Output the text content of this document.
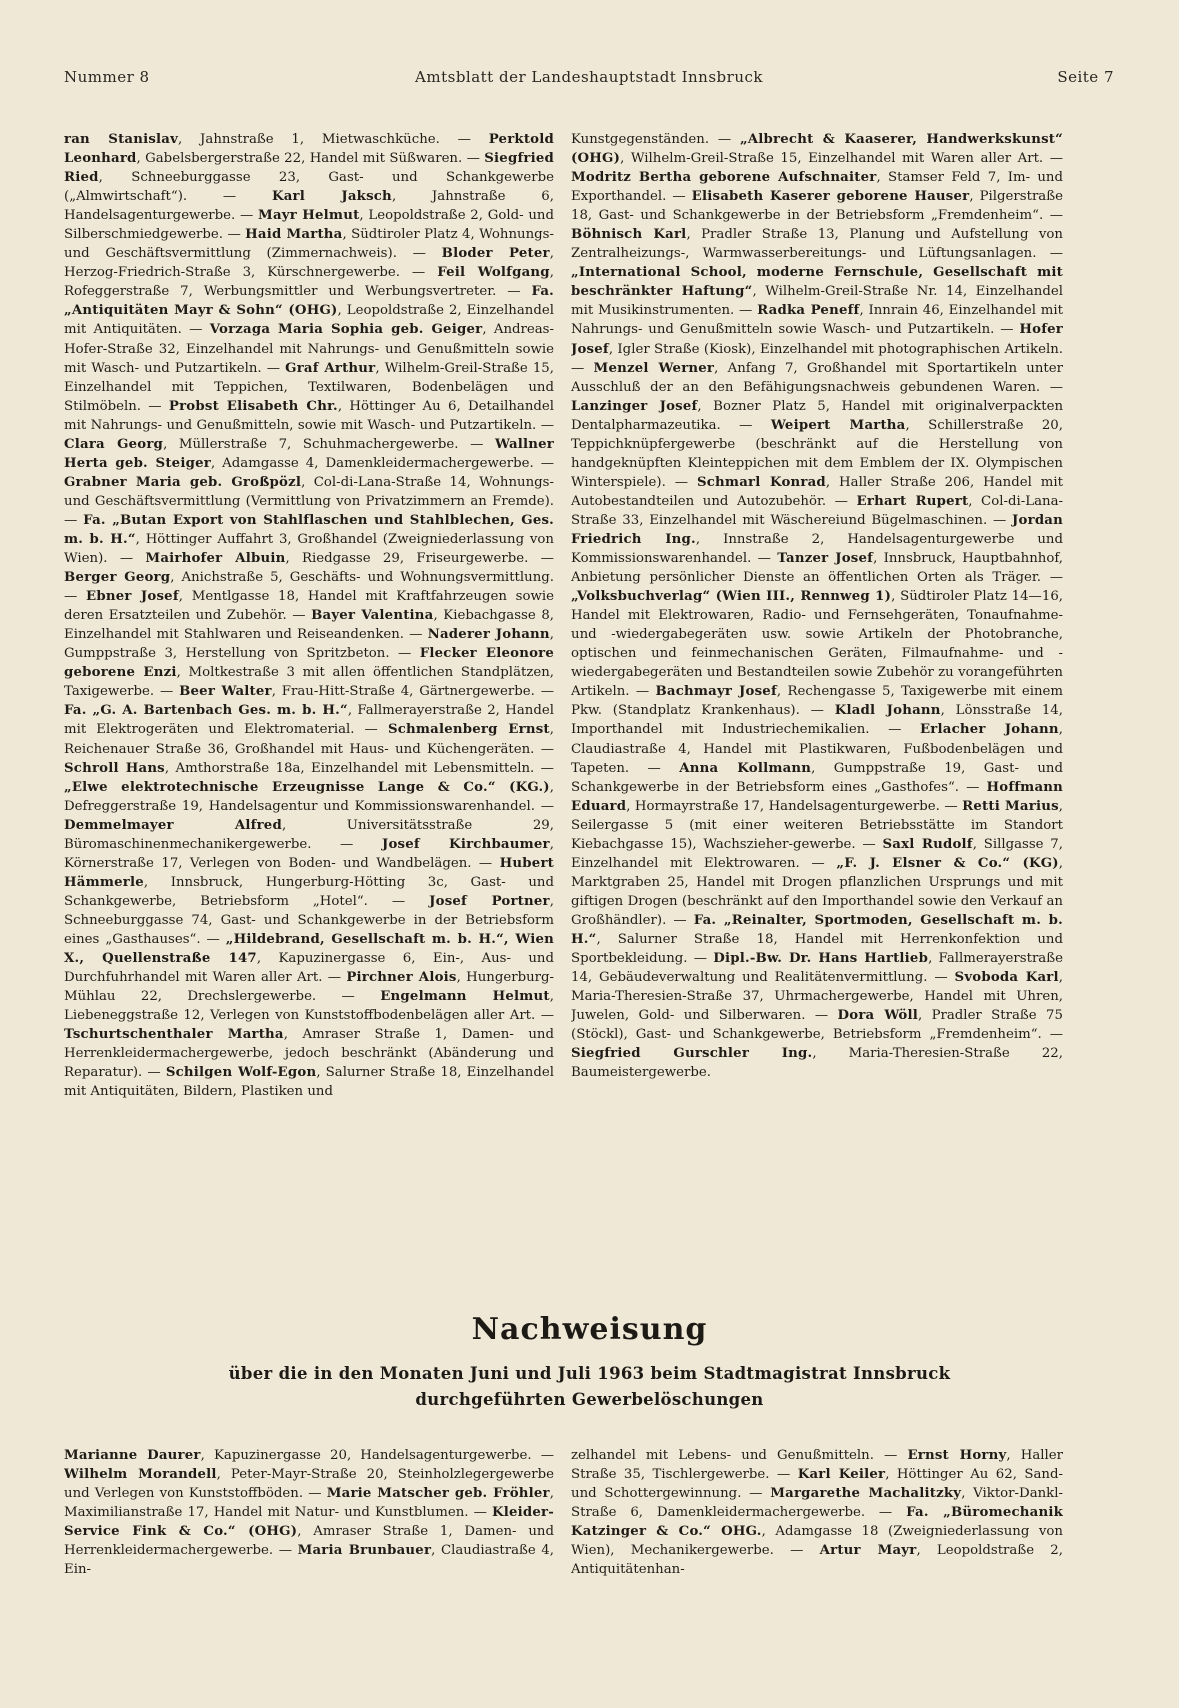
Amtsblatt der Landeshauptstadt Innsbruck
Nummer 8	Seite 7

ran Stanislav, Jahnstraße 1, Mietwaschküche. — Perktold Leonhard, Gabelsbergerstraße 22, Handel mit Süßwaren. — Siegfried Ried, Schneeburggasse 23, Gast- und Schankgewerbe („Almwirtschaft“). — Karl Jaksch, Jahnstraße 6, Handelsagenturgewerbe. — Mayr Helmut, Leopoldstraße 2, Gold- und Silberschmiedgewerbe. — Haid Martha, Südtiroler Platz 4, Wohnungs- und Geschäftsvermittlung (Zimmernachweis). — Bloder Peter, Herzog-Friedrich-Straße 3, Kürschnergewerbe. — Feil Wolfgang, Rofeggerstraße 7, Werbungsmittler und Werbungsvertreter. — Fa. „Antiquitäten Mayr & Sohn“ (OHG), Leopoldstraße 2, Einzelhandel mit Antiquitäten. — Vorzaga Maria Sophia geb. Geiger, Andreas-Hofer-Straße 32, Einzelhandel mit Nahrungs- und Genußmitteln sowie mit Wasch- und Putzartikeln. — Graf Arthur, Wilhelm-Greil-Straße 15, Einzelhandel mit Teppichen, Textilwaren, Bodenbelägen und Stilmöbeln. — Probst Elisabeth Chr., Höttinger Au 6, Detailhandel mit Nahrungs- und Genußmitteln, sowie mit Wasch- und Putzartikeln. — Clara Georg, Müllerstraße 7, Schuhmachergewerbe. — Wallner Herta geb. Steiger, Adamgasse 4, Damenkleidermachergewerbe. — Grabner Maria geb. Großpözl, Col-di-Lana-Straße 14, Wohnungs- und Geschäftsvermittlung (Vermittlung von Privatzimmern an Fremde). — Fa. „Butan Export von Stahlflaschen und Stahlblechen, Ges. m. b. H.“, Höttinger Auffahrt 3, Großhandel (Zweigniederlassung von Wien). — Mairhofer Albuin, Riedgasse 29, Friseurgewerbe. — Berger Georg, Anichstraße 5, Geschäfts- und Wohnungsvermittlung. — Ebner Josef, Mentlgasse 18, Handel mit Kraftfahrzeugen sowie deren Ersatzteilen und Zubehör. — Bayer Valentina, Kiebachgasse 8, Einzelhandel mit Stahlwaren und Reiseandenken. — Naderer Johann, Gumppstraße 3, Herstellung von Spritzbeton. — Flecker Eleonore geborene Enzi, Moltkestraße 3 mit allen öffentlichen Standplätzen, Taxigewerbe. — Beer Walter, Frau-Hitt-Straße 4, Gärtnergewerbe. — Fa. „G. A. Bartenbach Ges. m. b. H.“, Fallmerayerstraße 2, Handel mit Elektrogeräten und Elektromaterial. — Schmalenberg Ernst, Reichenauer Straße 36, Großhandel mit Haus- und Küchengeräten. — Schroll Hans, Amthorstraße 18a, Einzelhandel mit Lebensmitteln. — „Elwe elektrotechnische Erzeugnisse Lange & Co.“ (KG.), Defreggerstraße 19, Handelsagentur und Kommissionswarenhandel. — Demmelmayer Alfred, Universitätsstraße 29, Büromaschinenmechanikergewerbe. — Josef Kirchbaumer, Körnerstraße 17, Verlegen von Boden- und Wandbelägen. — Hubert Hämmerle, Innsbruck, Hungerburg-Hötting 3c, Gast- und Schankgewerbe, Betriebsform „Hotel“. — Josef Portner, Schneeburggasse 74, Gast- und Schankgewerbe in der Betriebsform eines „Gasthauses“. — „Hildebrand, Gesellschaft m. b. H.“, Wien X., Quellenstraße 147, Kapuzinergasse 6, Ein-, Aus- und Durchfuhrhandel mit Waren aller Art. — Pirchner Alois, Hungerburg-Mühlau 22, Drechslergewerbe. — Engelmann Helmut, Liebeneggstraße 12, Verlegen von Kunststoffbodenbelägen aller Art. — Tschurtschenthaler Martha, Amraser Straße 1, Damen- und Herrenkleidermachergewerbe, jedoch beschränkt (Abänderung und Reparatur). — Schilgen Wolf-Egon, Salurner Straße 18, Einzelhandel mit Antiquitäten, Bildern, Plastiken und

Kunstgegenständen. — „Albrecht & Kaaserer, Handwerkskunst“ (OHG), Wilhelm-Greil-Straße 15, Einzelhandel mit Waren aller Art. — Modritz Bertha geborene Aufschnaiter, Stamser Feld 7, Im- und Exporthandel. — Elisabeth Kaserer geborene Hauser, Pilgerstraße 18, Gast- und Schankgewerbe in der Betriebsform „Fremdenheim“. — Böhnisch Karl, Pradler Straße 13, Planung und Aufstellung von Zentralheizungs-, Warmwasserbereitungs- und Lüftungsanlagen. — „International School, moderne Fernschule, Gesellschaft mit beschränkter Haftung“, Wilhelm-Greil-Straße Nr. 14, Einzelhandel mit Musikinstrumenten. — Radka Peneff, Innrain 46, Einzelhandel mit Nahrungs- und Genußmitteln sowie Wasch- und Putzartikeln. — Hofer Josef, Igler Straße (Kiosk), Einzelhandel mit photographischen Artikeln. — Menzel Werner, Anfang 7, Großhandel mit Sportartikeln unter Ausschluß der an den Befähigungsnachweis gebundenen Waren. — Lanzinger Josef, Bozner Platz 5, Handel mit originalverpackten Dentalpharmazeutika. — Weipert Martha, Schillerstraße 20, Teppichknüpfergewerbe (beschränkt auf die Herstellung von handgeknüpften Kleinteppichen mit dem Emblem der IX. Olympischen Winterspiele). — Schmarl Konrad, Haller Straße 206, Handel mit Autobestandteilen und Autozubehör. — Erhart Rupert, Col-di-Lana-Straße 33, Einzelhandel mit Wäschereiund Bügelmaschinen. — Jordan Friedrich Ing., Innstraße 2, Handelsagenturgewerbe und Kommissionswarenhandel. — Tanzer Josef, Innsbruck, Hauptbahnhof, Anbietung persönlicher Dienste an öffentlichen Orten als Träger. — „Volksbuchverlag“ (Wien III., Rennweg 1), Südtiroler Platz 14—16, Handel mit Elektrowaren, Radio- und Fernsehgeräten, Tonaufnahme- und -wiedergabegeräten usw. sowie Artikeln der Photobranche, optischen und feinmechanischen Geräten, Filmaufnahme- und -wiedergabegeräten und Bestandteilen sowie Zubehör zu vorangeführten Artikeln. — Bachmayr Josef, Rechengasse 5, Taxigewerbe mit einem Pkw. (Standplatz Krankenhaus). — Kladl Johann, Lönsstraße 14, Importhandel mit Industriechemikalien. — Erlacher Johann, Claudiastraße 4, Handel mit Plastikwaren, Fußbodenbelägen und Tapeten. — Anna Kollmann, Gumppstraße 19, Gast- und Schankgewerbe in der Betriebsform eines „Gasthofes“. — Hoffmann Eduard, Hormayrstraße 17, Handelsagenturgewerbe. — Retti Marius, Seilergasse 5 (mit einer weiteren Betriebsstätte im Standort Kiebachgasse 15), Wachszieher-gewerbe. — Saxl Rudolf, Sillgasse 7, Einzelhandel mit Elektrowaren. — „F. J. Elsner & Co.“ (KG), Marktgraben 25, Handel mit Drogen pflanzlichen Ursprungs und mit giftigen Drogen (beschränkt auf den Importhandel sowie den Verkauf an Großhändler). — Fa. „Reinalter, Sportmoden, Gesellschaft m. b. H.“, Salurner Straße 18, Handel mit Herrenkonfektion und Sportbekleidung. — Dipl.-Bw. Dr. Hans Hartlieb, Fallmerayerstraße 14, Gebäudeverwaltung und Realitätenvermittlung. — Svoboda Karl, Maria-Theresien-Straße 37, Uhrmachergewerbe, Handel mit Uhren, Juwelen, Gold- und Silberwaren. — Dora Wöll, Pradler Straße 75 (Stöckl), Gast- und Schankgewerbe, Betriebsform „Fremdenheim“. — Siegfried Gurschler Ing., Maria-Theresien-Straße 22, Baumeistergewerbe.

Nachweisung
über die in den Monaten Juni und Juli 1963 beim Stadtmagistrat Innsbruck
durchgeführten Gewerbelöschungen

Marianne Daurer, Kapuzinergasse 20, Handelsagenturgewerbe. — Wilhelm Morandell, Peter-Mayr-Straße 20, Steinholzlegergewerbe und Verlegen von Kunststoffböden. — Marie Matscher geb. Fröhler, Maximilianstraße 17, Handel mit Natur- und Kunstblumen. — Kleider-Service Fink & Co.“ (OHG), Amraser Straße 1, Damen- und Herrenkleidermachergewerbe. — Maria Brunbauer, Claudiastraße 4, Ein-

zelhandel mit Lebens- und Genußmitteln. — Ernst Horny, Haller Straße 35, Tischlergewerbe. — Karl Keiler, Höttinger Au 62, Sand- und Schottergewinnung. — Margarethe Machalitzky, Viktor-Dankl-Straße 6, Damenkleidermachergewerbe. — Fa. „Büromechanik Katzinger & Co.“ OHG., Adamgasse 18 (Zweigniederlassung von Wien), Mechanikergewerbe. — Artur Mayr, Leopoldstraße 2, Antiquitätenhan-
